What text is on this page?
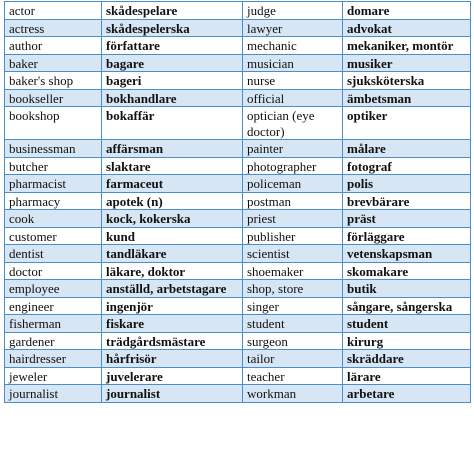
actor	skådespelare	judge	domare
actress	skådespelerska	lawyer	advokat
author	författare	mechanic	mekaniker, montör
baker	bagare	musician	musiker
baker's shop	bageri	nurse	sjuksköterska
bookseller	bokhandlare	official	ämbetsman
bookshop	bokaffär	optician (eye doctor)	optiker
businessman	affärsman	painter	målare
butcher	slaktare	photographer	fotograf
pharmacist	farmaceut	policeman	polis
pharmacy	apotek (n)	postman	brevbärare
cook	kock, kokerska	priest	präst
customer	kund	publisher	förläggare
dentist	tandläkare	scientist	vetenskapsman
doctor	läkare, doktor	shoemaker	skomakare
employee	anställd, arbetstagare	shop, store	butik
engineer	ingenjör	singer	sångare, sångerska
fisherman	fiskare	student	student
gardener	trädgårdsmästare	surgeon	kirurg
hairdresser	hårfrisör	tailor	skräddare
jeweler	juvelerare	teacher	lärare
journalist	journalist	workman	arbetare
